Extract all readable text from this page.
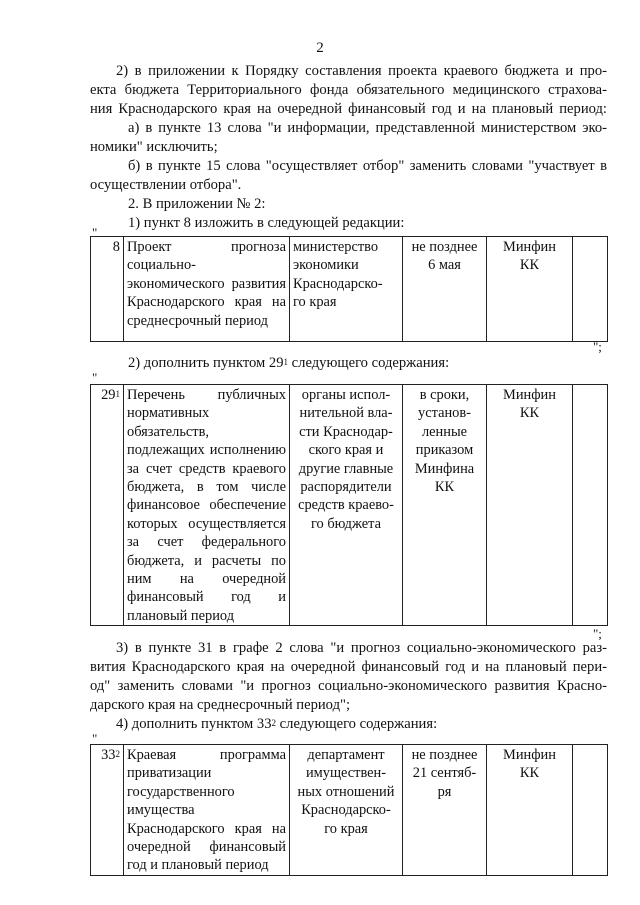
2
2) в приложении к Порядку составления проекта краевого бюджета и про-
екта бюджета Территориального фонда обязательного медицинского страхова-
ния Краснодарского края на очередной финансовый год и на плановый период:
а) в пункте 13 слова "и информации, представленной министерством эко-
номики" исключить;
б) в пункте 15 слова "осуществляет отбор" заменить словами "участвует в
осуществлении отбора".
2. В приложении № 2:
1) пункт 8 изложить в следующей редакции:
"
8	Проект прогноза социально-экономического развития Краснодарского края на среднесрочный период	министерство
экономики
Краснодарско-
го края	не позднее
6 мая	Минфин
КК	
";
2) дополнить пунктом $29^1$ следующего содержания:
"
$29^1$	Перечень публичных нормативных обязательств, подлежащих исполнению за счет средств краевого бюджета, в том числе финансовое обеспечение которых осуществляется за счет федерального бюджета, и расчеты по ним на очередной финансовый год и плановый период	органы испол-
нительной вла-
сти Краснодар-
ского края и
другие главные
распорядители
средств краево-
го бюджета	в сроки,
установ-
ленные
приказом
Минфина
КК	Минфин
КК	
";
3) в пункте 31 в графе 2 слова "и прогноз социально-экономического раз-
вития Краснодарского края на очередной финансовый год и на плановый пери-
од" заменить словами "и прогноз социально-экономического развития Красно-
дарского края на среднесрочный период";
4) дополнить пунктом $33^2$ следующего содержания:
"
$33^2$	Краевая программа приватизации государственного имущества Краснодарского края на очередной финансовый год и плановый период	департамент
имуществен-
ных отношений
Краснодарско-
го края	не позднее
21 сентяб-
ря	Минфин
КК	
